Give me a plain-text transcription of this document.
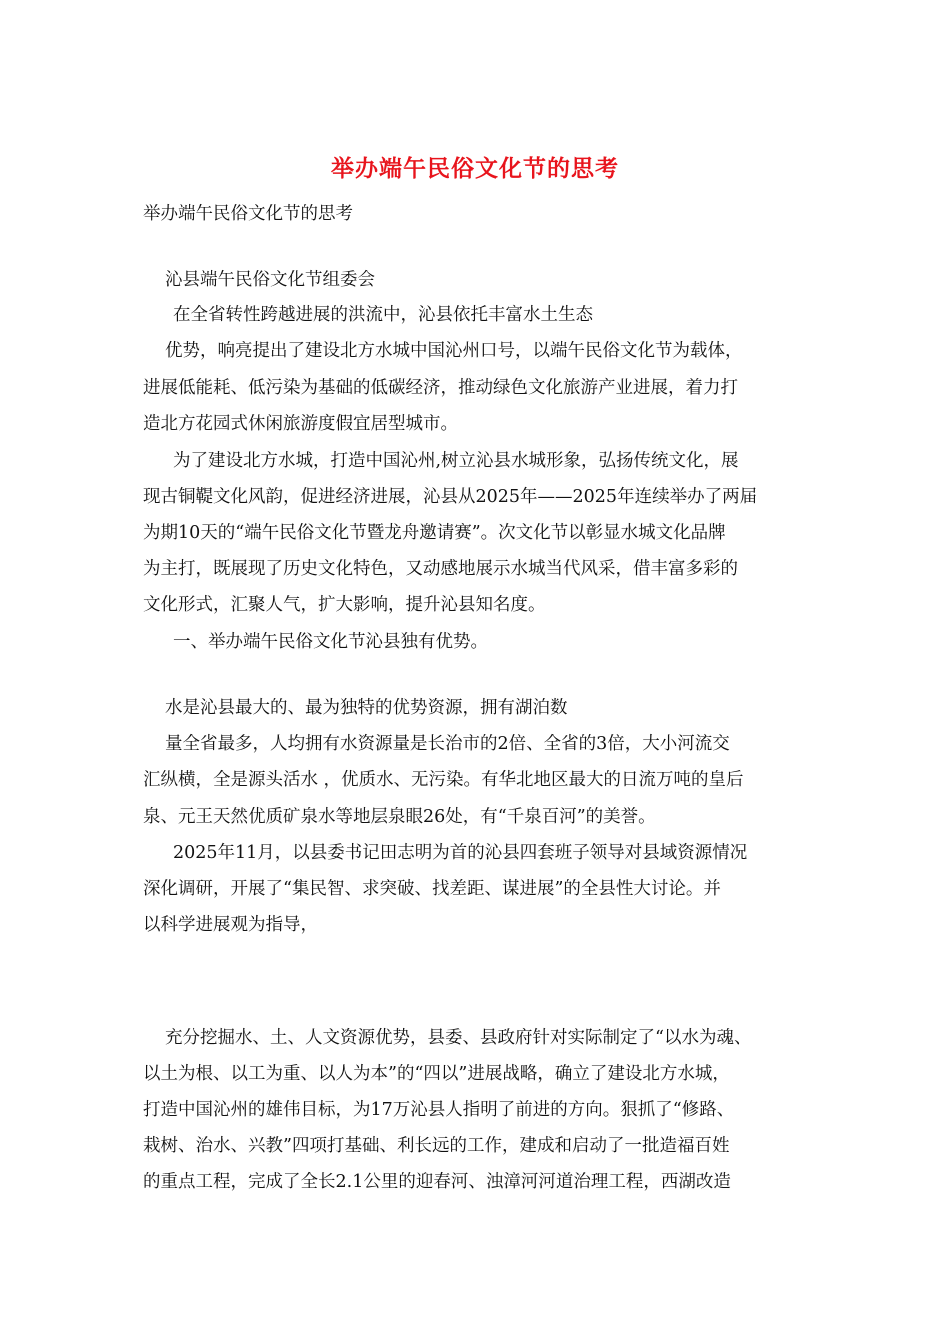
举办端午民俗文化节的思考
举办端午民俗文化节的思考
沁县端午民俗文化节组委会
在全省转性跨越进展的洪流中，沁县依托丰富水土生态
优势，响亮提出了建设北方水城中国沁州口号，以端午民俗文化节为载体，
进展低能耗、低污染为基础的低碳经济，推动绿色文化旅游产业进展，着力打
造北方花园式休闲旅游度假宜居型城市。
为了建设北方水城，打造中国沁州,树立沁县水城形象，弘扬传统文化，展
现古铜鞮文化风韵，促进经济进展，沁县从2025年——2025年连续举办了两届
为期10天的“端午民俗文化节暨龙舟邀请赛”。次文化节以彰显水城文化品牌
为主打，既展现了历史文化特色，又动感地展示水城当代风采，借丰富多彩的
文化形式，汇聚人气，扩大影响，提升沁县知名度。
一、举办端午民俗文化节沁县独有优势。
水是沁县最大的、最为独特的优势资源，拥有湖泊数
量全省最多，人均拥有水资源量是长治市的2倍、全省的3倍，大小河流交
汇纵横，全是源头活水 ，优质水、无污染。有华北地区最大的日流万吨的皇后
泉、元王天然优质矿泉水等地层泉眼26处，有“千泉百河”的美誉。
2025年11月，以县委书记田志明为首的沁县四套班子领导对县域资源情况
深化调研，开展了“集民智、求突破、找差距、谋进展”的全县性大讨论。并
以科学进展观为指导，
充分挖掘水、土、人文资源优势，县委、县政府针对实际制定了“以水为魂、
以土为根、以工为重、以人为本”的“四以”进展战略，确立了建设北方水城，
打造中国沁州的雄伟目标，为17万沁县人指明了前进的方向。狠抓了“修路、
栽树、治水、兴教”四项打基础、利长远的工作，建成和启动了一批造福百姓
的重点工程，完成了全长2.1公里的迎春河、浊漳河河道治理工程，西湖改造
